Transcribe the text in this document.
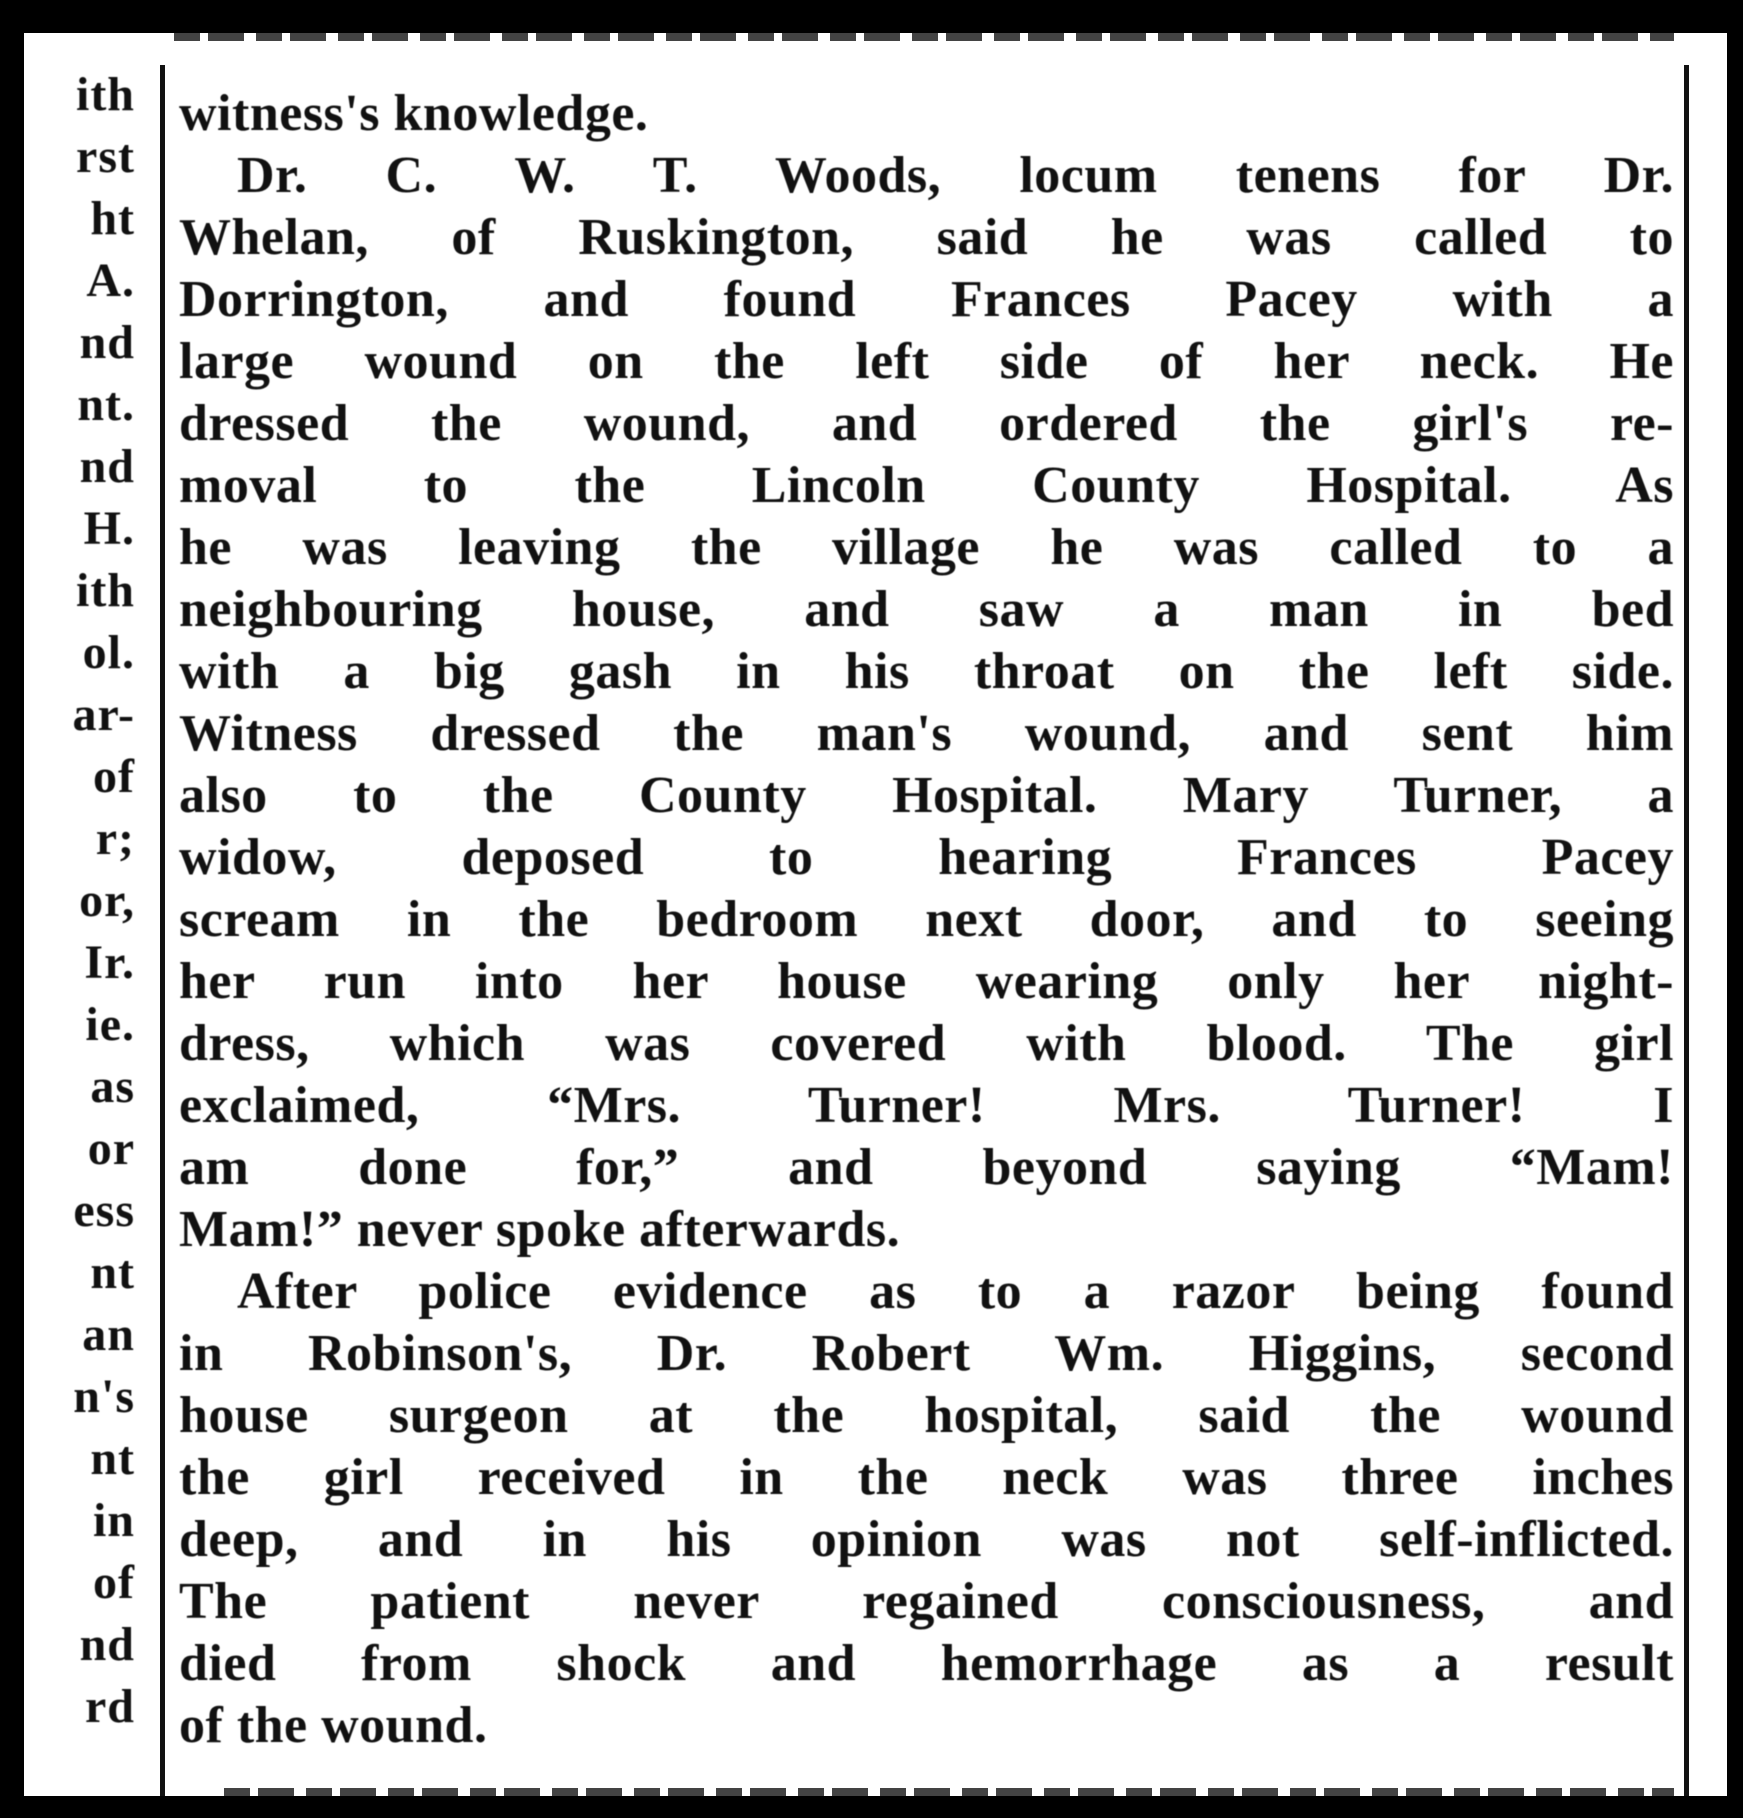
ith
rst
ht
A.
nd
nt.
nd
H.
ith
ol.
ar-
of
r;
or,
Ir.
ie.
as
or
ess
nt
an
n's
nt
in
of
nd
rd
witness's knowledge.
Dr. C. W. T. Woods, locum tenens for Dr.
Whelan, of Ruskington, said he was called to
Dorrington, and found Frances Pacey with a
large wound on the left side of her neck. He
dressed the wound, and ordered the girl's re-
moval to the Lincoln County Hospital. As
he was leaving the village he was called to a
neighbouring house, and saw a man in bed
with a big gash in his throat on the left side.
Witness dressed the man's wound, and sent him
also to the County Hospital. Mary Turner, a
widow, deposed to hearing Frances Pacey
scream in the bedroom next door, and to seeing
her run into her house wearing only her night-
dress, which was covered with blood. The girl
exclaimed, “Mrs. Turner! Mrs. Turner! I
am done for,” and beyond saying “Mam!
Mam!” never spoke afterwards.
After police evidence as to a razor being found
in Robinson's, Dr. Robert Wm. Higgins, second
house surgeon at the hospital, said the wound
the girl received in the neck was three inches
deep, and in his opinion was not self-inflicted.
The patient never regained consciousness, and
died from shock and hemorrhage as a result
of the wound.
